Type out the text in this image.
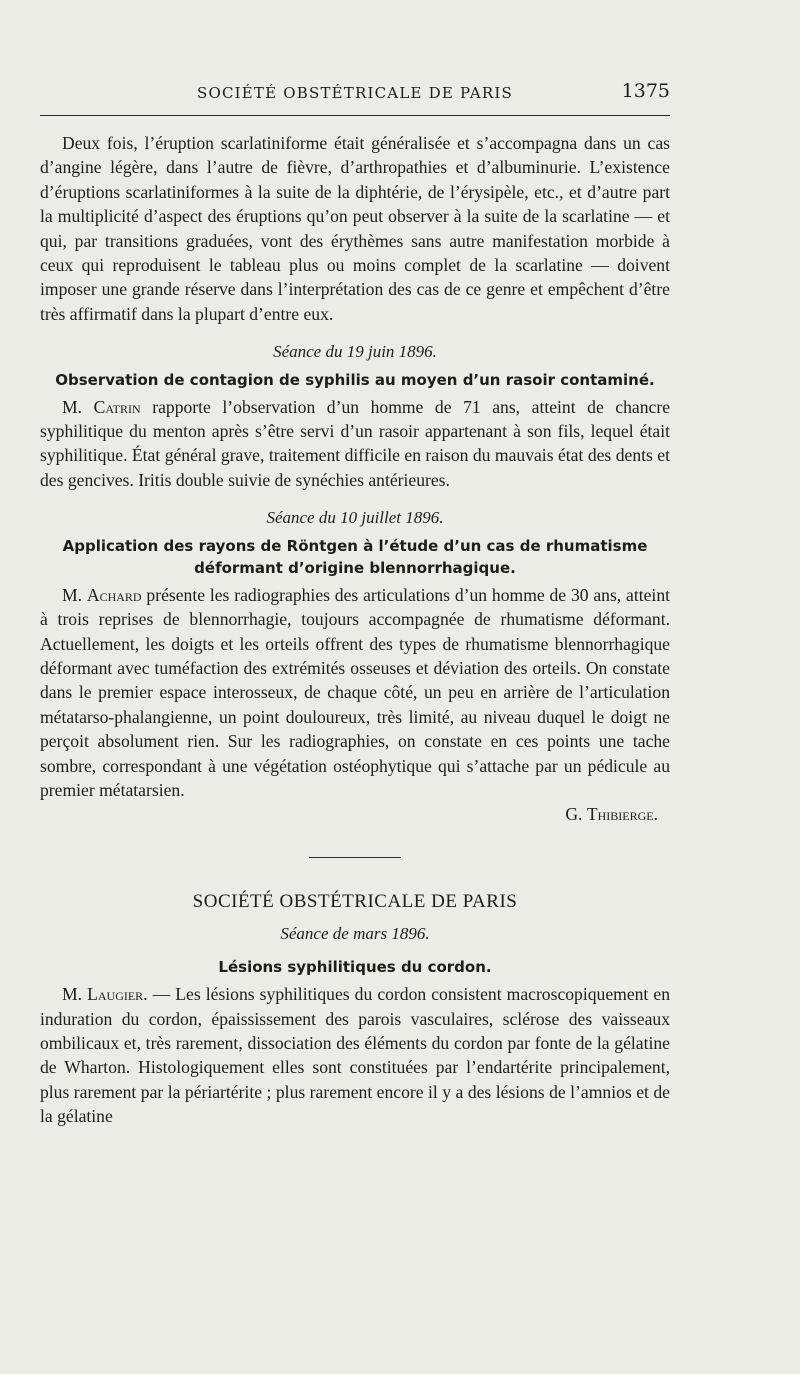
SOCIÉTÉ OBSTÉTRICALE DE PARIS	1375

Deux fois, l’éruption scarlatiniforme était généralisée et s’accompagna dans un cas d’angine légère, dans l’autre de fièvre, d’arthropathies et d’albuminurie. L’existence d’éruptions scarlatiniformes à la suite de la diphtérie, de l’érysipèle, etc., et d’autre part la multiplicité d’aspect des éruptions qu’on peut observer à la suite de la scarlatine — et qui, par transitions graduées, vont des érythèmes sans autre manifestation morbide à ceux qui reproduisent le tableau plus ou moins complet de la scarlatine — doivent imposer une grande réserve dans l’interprétation des cas de ce genre et empêchent d’être très affirmatif dans la plupart d’entre eux.

Séance du 19 juin 1896.
Observation de contagion de syphilis au moyen d’un rasoir contaminé.

M. Catrin rapporte l’observation d’un homme de 71 ans, atteint de chancre syphilitique du menton après s’être servi d’un rasoir appartenant à son fils, lequel était syphilitique. État général grave, traitement difficile en raison du mauvais état des dents et des gencives. Iritis double suivie de synéchies antérieures.

Séance du 10 juillet 1896.
Application des rayons de Röntgen à l’étude d’un cas de rhumatisme déformant d’origine blennorrhagique.

M. Achard présente les radiographies des articulations d’un homme de 30 ans, atteint à trois reprises de blennorrhagie, toujours accompagnée de rhumatisme déformant. Actuellement, les doigts et les orteils offrent des types de rhumatisme blennorrhagique déformant avec tuméfaction des extrémités osseuses et déviation des orteils. On constate dans le premier espace interosseux, de chaque côté, un peu en arrière de l’articulation métatarso-phalangienne, un point douloureux, très limité, au niveau duquel le doigt ne perçoit absolument rien. Sur les radiographies, on constate en ces points une tache sombre, correspondant à une végétation ostéophytique qui s’attache par un pédicule au premier métatarsien.

G. Thibierge.
SOCIÉTÉ OBSTÉTRICALE DE PARIS
Séance de mars 1896.
Lésions syphilitiques du cordon.

M. Laugier. — Les lésions syphilitiques du cordon consistent macroscopiquement en induration du cordon, épaississement des parois vasculaires, sclérose des vaisseaux ombilicaux et, très rarement, dissociation des éléments du cordon par fonte de la gélatine de Wharton. Histologiquement elles sont constituées par l’endartérite principalement, plus rarement par la périartérite ; plus rarement encore il y a des lésions de l’amnios et de la gélatine
